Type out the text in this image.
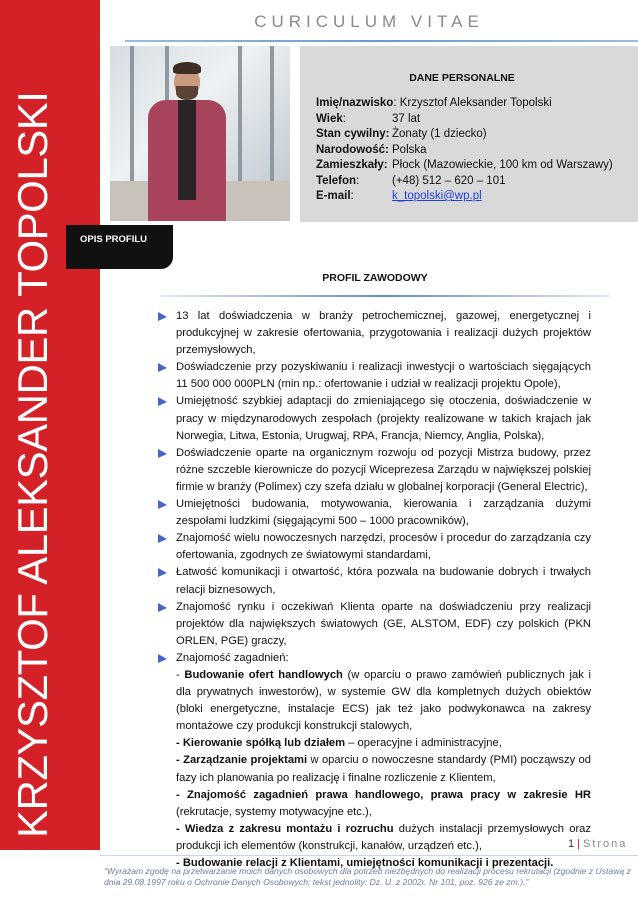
KRZYSZTOF ALEKSANDER TOPOLSKI
CURICULUM VITAE
DANE PERSONALNE
Imię/nazwisko: Krzysztof Aleksander Topolski
Wiek:	37 lat
Stan cywilny: Żonaty (1 dziecko)
Narodowość: Polska
Zamieszkały: Płock (Mazowieckie, 100 km od Warszawy)
Telefon:	(+48) 512 – 620 – 101
E-mail:	k_topolski@wp.pl
OPIS PROFILU
PROFIL ZAWODOWY
13 lat doświadczenia w branży petrochemicznej, gazowej, energetycznej i produkcyjnej w zakresie ofertowania, przygotowania i realizacji dużych projektów przemysłowych,
Doświadczenie przy pozyskiwaniu i realizacji inwestycji o wartościach sięgających 11 500 000 000PLN (min np.: ofertowanie i udział w realizacji projektu Opole),
Umiejętność szybkiej adaptacji do zmieniającego się otoczenia, doświadczenie w pracy w międzynarodowych zespołach (projekty realizowane w takich krajach jak Norwegia, Litwa, Estonia, Urugwaj, RPA, Francja, Niemcy, Anglia, Polska),
Doświadczenie oparte na organicznym rozwoju od pozycji Mistrza budowy, przez różne szczeble kierownicze do pozycji Wiceprezesa Zarządu w największej polskiej firmie w branży (Polimex) czy szefa działu w globalnej korporacji (General Electric),
Umiejętności budowania, motywowania, kierowania i zarządzania dużymi zespołami ludzkimi (sięgającymi 500 – 1000 pracowników),
Znajomość wielu nowoczesnych narzędzi, procesów i procedur do zarządzania czy ofertowania, zgodnych ze światowymi standardami,
Łatwość komunikacji i otwartość, która pozwala na budowanie dobrych i trwałych relacji biznesowych,
Znajomość rynku i oczekiwań Klienta oparte na doświadczeniu przy realizacji projektów dla największych światowych (GE, ALSTOM, EDF) czy polskich (PKN ORLEN, PGE) graczy,
Znajomość zagadnień:
- Budowanie ofert handlowych (w oparciu o prawo zamówień publicznych jak i dla prywatnych inwestorów), w systemie GW dla kompletnych dużych obiektów (bloki energetyczne, instalacje ECS) jak też jako podwykonawca na zakresy montażowe czy produkcji konstrukcji stalowych,
- Kierowanie spółką lub działem – operacyjne i administracyjne,
- Zarządzanie projektami w oparciu o nowoczesne standardy (PMI) począwszy od fazy ich planowania po realizację i finalne rozliczenie z Klientem,
- Znajomość zagadnień prawa handlowego, prawa pracy w zakresie HR (rekrutacje, systemy motywacyjne etc.),
- Wiedza z zakresu montażu i rozruchu dużych instalacji przemysłowych oraz produkcji ich elementów (konstrukcji, kanałów, urządzeń etc.),
- Budowanie relacji z Klientami, umiejętności komunikacji i prezentacji.
1 | Strona
“Wyrażam zgodę na przetwarzanie moich danych osobowych dla potrzeb niezbędnych do realizacji procesu rekrutacji (zgodnie z Ustawą z dnia 29.08.1997 roku o Ochronie Danych Osobowych; tekst jednolity: Dz. U. z 2002r. Nr 101, poz. 926 ze zm.).”
